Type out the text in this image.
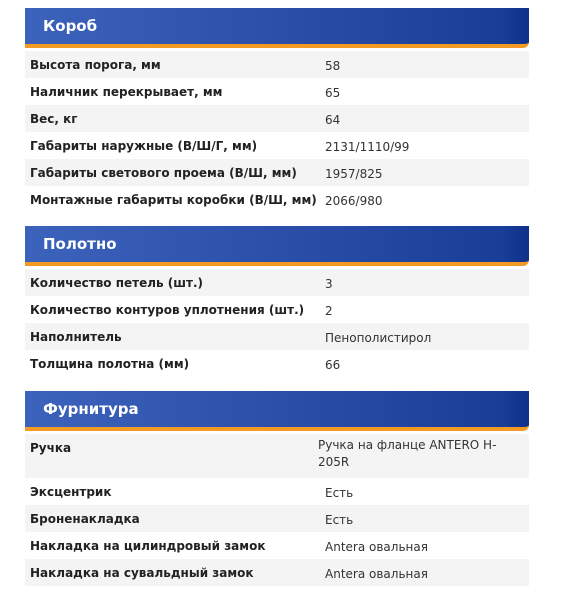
Короб
Высота порога, мм	58
Наличник перекрывает, мм	65
Вес, кг	64
Габариты наружные (В/Ш/Г, мм)	2131/1110/99
Габариты светового проема (В/Ш, мм) 1957/825
Монтажные габариты коробки (В/Ш, мм) 2066/980
Полотно
Количество петель (шт.)	3
Количество контуров уплотнения (шт.) 2
Наполнитель	Пенополистирол
Толщина полотна (мм)	66
Фурнитура
Ручка	Ручка на фланце ANTERO H-205R
Эксцентрик	Есть
Броненакладка	Есть
Накладка на цилиндровый замок	Antera овальная
Накладка на сувальдный замок	Antera овальная
